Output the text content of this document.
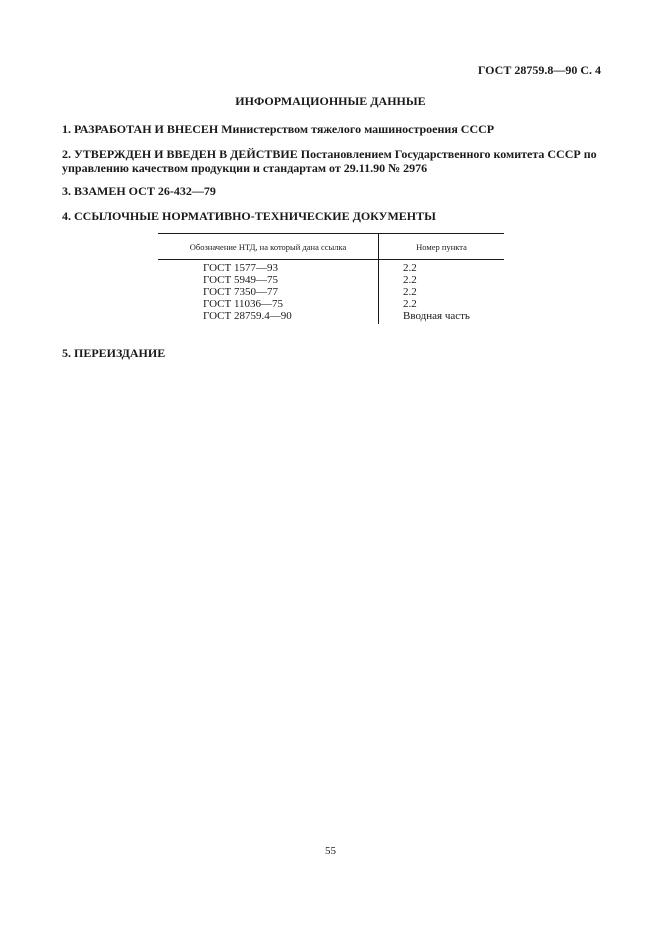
ГОСТ 28759.8—90 С. 4
ИНФОРМАЦИОННЫЕ ДАННЫЕ
1. РАЗРАБОТАН И ВНЕСЕН Министерством тяжелого машиностроения СССР
2. УТВЕРЖДЕН И ВВЕДЕН В ДЕЙСТВИЕ Постановлением Государственного комитета СССР по управлению качеством продукции и стандартам от 29.11.90 № 2976
3. ВЗАМЕН ОСТ 26-432—79
4. ССЫЛОЧНЫЕ НОРМАТИВНО-ТЕХНИЧЕСКИЕ ДОКУМЕНТЫ
Обозначение НТД, на который дана ссылка	Номер пункта
ГОСТ 1577—93
ГОСТ 5949—75
ГОСТ 7350—77
ГОСТ 11036—75
ГОСТ 28759.4—90
2.2
2.2
2.2
2.2
Вводная часть
5. ПЕРЕИЗДАНИЕ
55
